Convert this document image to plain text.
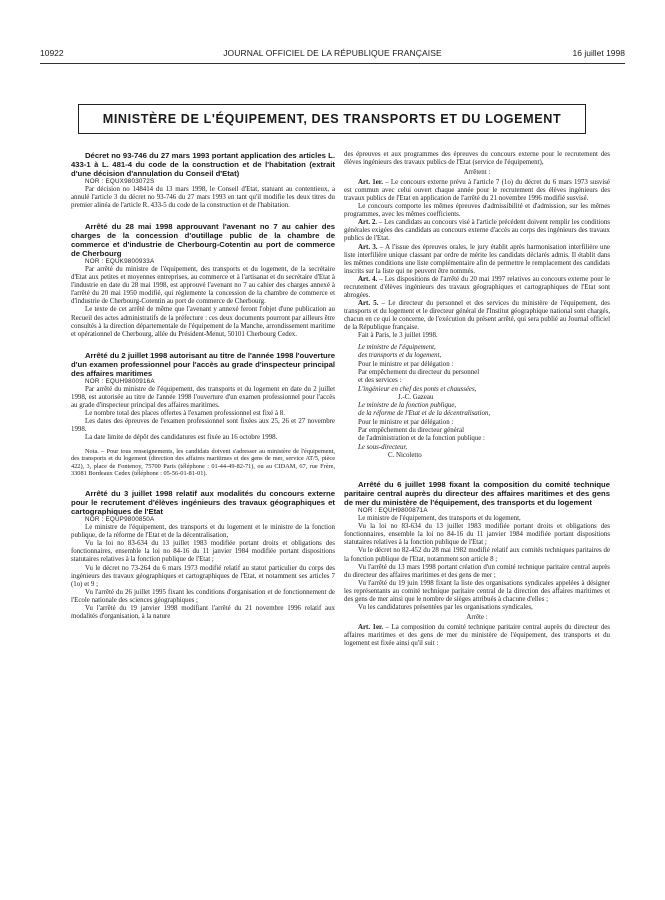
10922	JOURNAL OFFICIEL DE LA RÉPUBLIQUE FRANÇAISE	16 juillet 1998
MINISTÈRE DE L'ÉQUIPEMENT, DES TRANSPORTS ET DU LOGEMENT

Décret no 93-746 du 27 mars 1993 portant application des articles L. 433-1 à L. 481-4 du code de la construction et de l'habitation (extrait d'une décision d'annulation du Conseil d'Etat)

NOR : EQUX9803072S

Par décision no 148414 du 13 mars 1998, le Conseil d'Etat, statuant au contentieux, a annulé l'article 3 du décret no 93-746 du 27 mars 1993 en tant qu'il modifie les deux titres du premier alinéa de l'article R. 433-5 du code de la construction et de l'habitation.

Arrêté du 28 mai 1998 approuvant l'avenant no 7 au cahier des charges de la concession d'outillage public de la chambre de commerce et d'industrie de Cherbourg-Cotentin au port de commerce de Cherbourg

NOR : EQUK9800933A

Par arrêté du ministre de l'équipement, des transports et du logement, de la secrétaire d'Etat aux petites et moyennes entreprises, au commerce et à l'artisanat et du secrétaire d'Etat à l'industrie en date du 28 mai 1998, est approuvé l'avenant no 7 au cahier des charges annexé à l'arrêté du 20 mai 1950 modifié, qui réglemente la concession de la chambre de commerce et d'industrie de Cherbourg-Cotentin au port de commerce de Cherbourg.

Le texte de cet arrêté de même que l'avenant y annexé feront l'objet d'une publication au Recueil des actes administratifs de la préfecture : ces deux documents pourront par ailleurs être consultés à la direction départementale de l'équipement de la Manche, arrondissement maritime et opérationnel de Cherbourg, allée du Président-Menut, 50101 Cherbourg Cedex.

Arrêté du 2 juillet 1998 autorisant au titre de l'année 1998 l'ouverture d'un examen professionnel pour l'accès au grade d'inspecteur principal des affaires maritimes

NOR : EQUH9800916A

Par arrêté du ministre de l'équipement, des transports et du logement en date du 2 juillet 1998, est autorisée au titre de l'année 1998 l'ouverture d'un examen professionnel pour l'accès au grade d'inspecteur principal des affaires maritimes.

Le nombre total des places offertes à l'examen professionnel est fixé à 8.

Les dates des épreuves de l'examen professionnel sont fixées aux 25, 26 et 27 novembre 1998.

La date limite de dépôt des candidatures est fixée au 16 octobre 1998.

Nota. – Pour tous renseignements, les candidats doivent s'adresser au ministère de l'équipement, des transports et du logement (direction des affaires maritimes et des gens de mer, service AT/5, pièce 422), 3, place de Fontenoy, 75700 Paris (téléphone : 01-44-49-82-71), ou au CIDAM, 67, rue Frère, 33081 Bordeaux Cedex (téléphone : 05-56-01-81-01).

Arrêté du 3 juillet 1998 relatif aux modalités du concours externe pour le recrutement d'élèves ingénieurs des travaux géographiques et cartographiques de l'Etat

NOR : EQUP9800850A

Le ministre de l'équipement, des transports et du logement et le ministre de la fonction publique, de la réforme de l'Etat et de la décentralisation,

Vu la loi no 83-634 du 13 juillet 1983 modifiée portant droits et obligations des fonctionnaires, ensemble la loi no 84-16 du 11 janvier 1984 modifiée portant dispositions statutaires relatives à la fonction publique de l'Etat ;

Vu le décret no 73-264 du 6 mars 1973 modifié relatif au statut particulier du corps des ingénieurs des travaux géographiques et cartographiques de l'Etat, et notamment ses articles 7 (1o) et 9 ;

Vu l'arrêté du 26 juillet 1995 fixant les conditions d'organisation et de fonctionnement de l'Ecole nationale des sciences géographiques ;

Vu l'arrêté du 19 janvier 1998 modifiant l'arrêté du 21 novembre 1996 relatif aux modalités d'organisation, à la nature

des épreuves et aux programmes des épreuves du concours externe pour le recrutement des élèves ingénieurs des travaux publics de l'Etat (service de l'équipement),

Arrêtent :

Art. 1er. – Le concours externe prévu à l'article 7 (1o) du décret du 6 mars 1973 susvisé est commun avec celui ouvert chaque année pour le recrutement des élèves ingénieurs des travaux publics de l'Etat en application de l'arrêté du 21 novembre 1996 modifié susvisé.

Le concours comporte les mêmes épreuves d'admissibilité et d'admission, sur les mêmes programmes, avec les mêmes coefficients.

Art. 2. – Les candidats au concours visé à l'article précédent doivent remplir les conditions générales exigées des candidats au concours externe d'accès au corps des ingénieurs des travaux publics de l'Etat.

Art. 3. – A l'issue des épreuves orales, le jury établit après harmonisation interfilière une liste interfilière unique classant par ordre de mérite les candidats déclarés admis. Il établit dans les mêmes conditions une liste complémentaire afin de permettre le remplacement des candidats inscrits sur la liste qui ne peuvent être nommés.

Art. 4. – Les dispositions de l'arrêté du 20 mai 1997 relatives au concours externe pour le recrutement d'élèves ingénieurs des travaux géographiques et cartographiques de l'Etat sont abrogées.

Art. 5. – Le directeur du personnel et des services du ministère de l'équipement, des transports et du logement et le directeur général de l'Institut géographique national sont chargés, chacun en ce qui le concerne, de l'exécution du présent arrêté, qui sera publié au Journal officiel de la République française.

Fait à Paris, le 3 juillet 1998.

Le ministre de l'équipement,

des transports et du logement,

Pour le ministre et par délégation :

Par empêchement du directeur du personnel

et des services :

L'ingénieur en chef des ponts et chaussées,

J.-C. Gazeau

Le ministre de la fonction publique,

de la réforme de l'Etat et de la décentralisation,

Pour le ministre et par délégation :

Par empêchement du directeur général

de l'administration et de la fonction publique :

Le sous-directeur,

C. Nicoletto

Arrêté du 6 juillet 1998 fixant la composition du comité technique paritaire central auprès du directeur des affaires maritimes et des gens de mer du ministère de l'équipement, des transports et du logement

NOR : EQUH9800871A

Le ministre de l'équipement, des transports et du logement,

Vu la loi no 83-634 du 13 juillet 1983 modifiée portant droits et obligations des fonctionnaires, ensemble la loi no 84-16 du 11 janvier 1984 modifiée portant dispositions statutaires relatives à la fonction publique de l'Etat ;

Vu le décret no 82-452 du 28 mai 1982 modifié relatif aux comités techniques paritaires de la fonction publique de l'Etat, notamment son article 8 ;

Vu l'arrêté du 13 mars 1998 portant création d'un comité technique paritaire central auprès du directeur des affaires maritimes et des gens de mer ;

Vu l'arrêté du 19 juin 1998 fixant la liste des organisations syndicales appelées à désigner les représentants au comité technique paritaire central de la direction des affaires maritimes et des gens de mer ainsi que le nombre de sièges attribués à chacune d'elles ;

Vu les candidatures présentées par les organisations syndicales,

Arrête :

Art. 1er. – La composition du comité technique paritaire central auprès du directeur des affaires maritimes et des gens de mer du ministère de l'équipement, des transports et du logement est fixée ainsi qu'il suit :
